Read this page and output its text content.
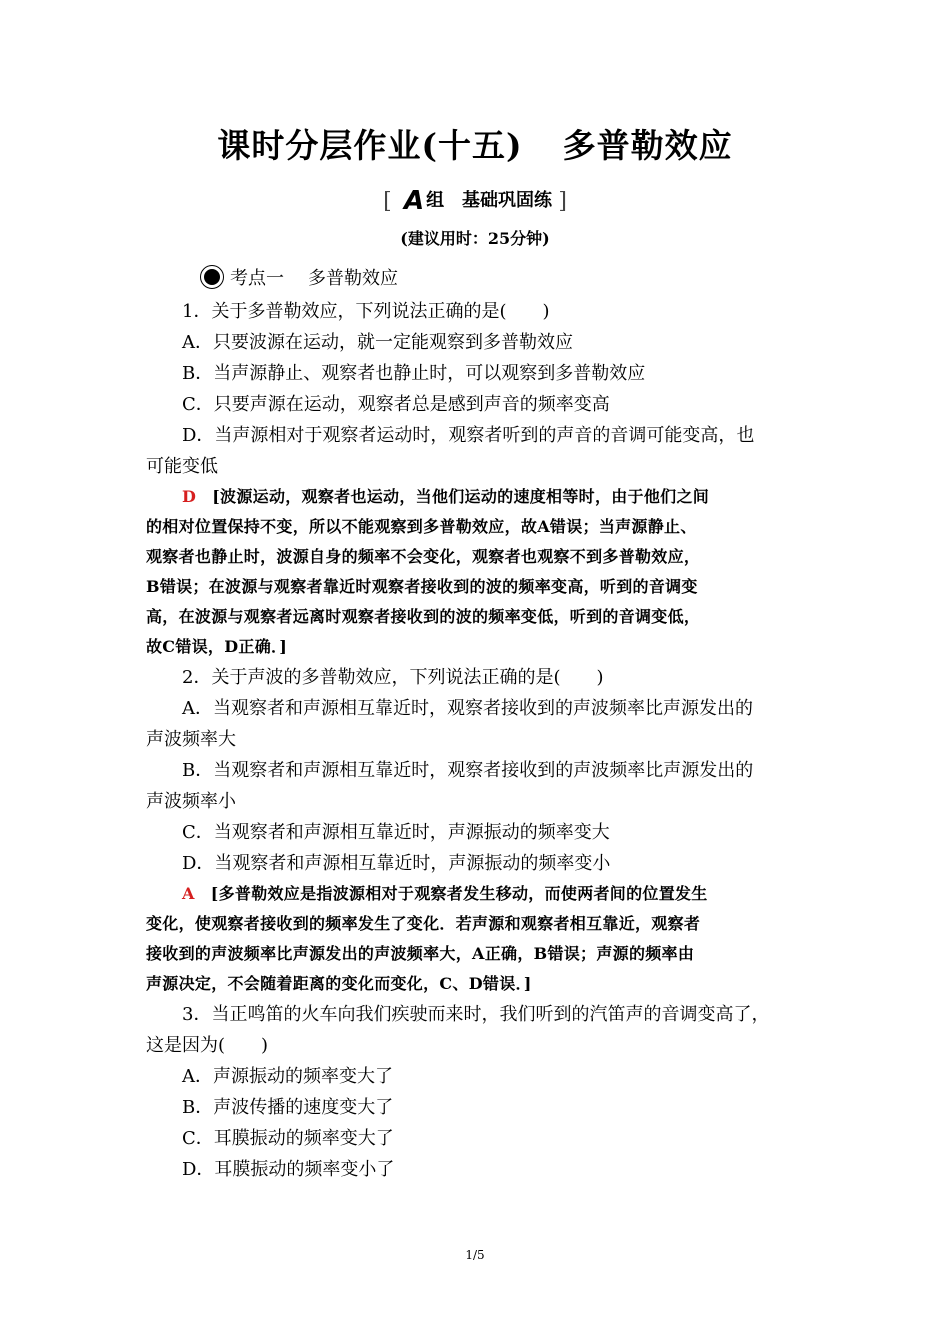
课时分层作业(十五) 多普勒效应
[ A 组　基础巩固练 ]
(建议用时：25分钟)
考点一 多普勒效应
1．关于多普勒效应，下列说法正确的是(　　)
A．只要波源在运动，就一定能观察到多普勒效应
B．当声源静止、观察者也静止时，可以观察到多普勒效应
C．只要声源在运动，观察者总是感到声音的频率变高
D．当声源相对于观察者运动时，观察者听到的声音的音调可能变高，也
可能变低
D [波源运动，观察者也运动，当他们运动的速度相等时，由于他们之间
的相对位置保持不变，所以不能观察到多普勒效应，故A错误；当声源静止、
观察者也静止时，波源自身的频率不会变化，观察者也观察不到多普勒效应，
B错误；在波源与观察者靠近时观察者接收到的波的频率变高，听到的音调变
高，在波源与观察者远离时观察者接收到的波的频率变低，听到的音调变低，
故C错误，D正确．]
2．关于声波的多普勒效应，下列说法正确的是(　　)
A．当观察者和声源相互靠近时，观察者接收到的声波频率比声源发出的
声波频率大
B．当观察者和声源相互靠近时，观察者接收到的声波频率比声源发出的
声波频率小
C．当观察者和声源相互靠近时，声源振动的频率变大
D．当观察者和声源相互靠近时，声源振动的频率变小
A [多普勒效应是指波源相对于观察者发生移动，而使两者间的位置发生
变化，使观察者接收到的频率发生了变化．若声源和观察者相互靠近，观察者
接收到的声波频率比声源发出的声波频率大，A正确，B错误；声源的频率由
声源决定，不会随着距离的变化而变化，C、D错误．]
3．当正鸣笛的火车向我们疾驶而来时，我们听到的汽笛声的音调变高了，
这是因为(　　)
A．声源振动的频率变大了
B．声波传播的速度变大了
C．耳膜振动的频率变大了
D．耳膜振动的频率变小了
1/5
